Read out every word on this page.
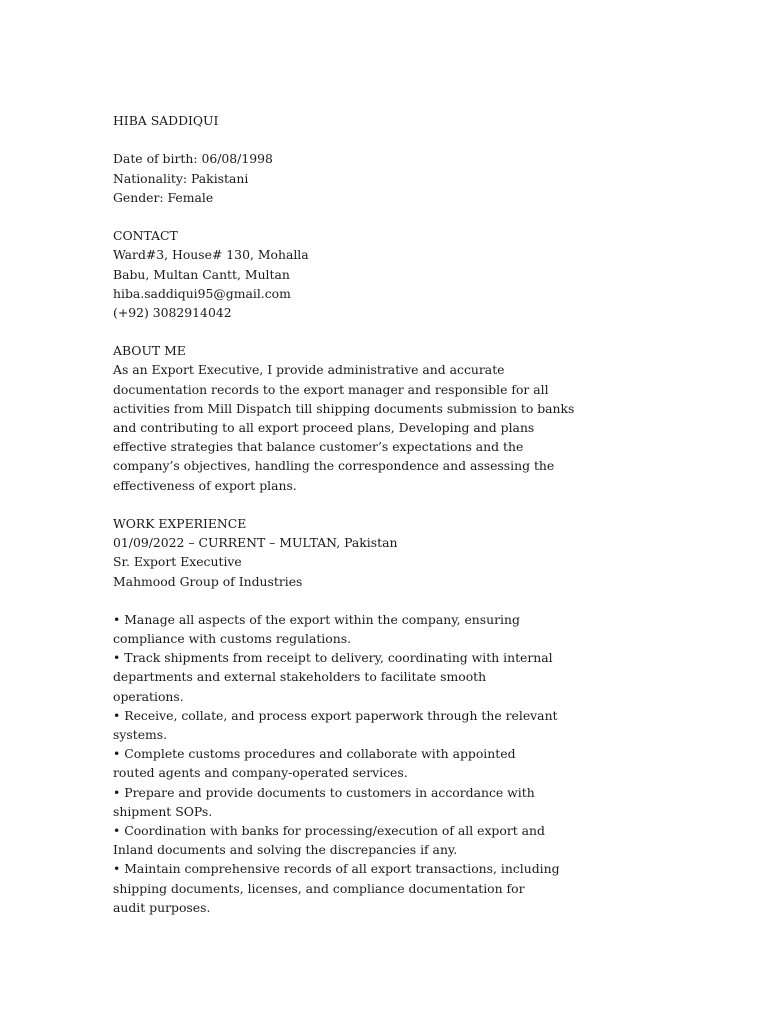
HIBA SADDIQUI
Date of birth: 06/08/1998
Nationality: Pakistani
Gender: Female
CONTACT
Ward#3, House# 130, Mohalla
Babu, Multan Cantt, Multan
hiba.saddiqui95@gmail.com
(+92) 3082914042
ABOUT ME
As an Export Executive, I provide administrative and accurate
documentation records to the export manager and responsible for all
activities from Mill Dispatch till shipping documents submission to banks
and contributing to all export proceed plans, Developing and plans
effective strategies that balance customer’s expectations and the
company’s objectives, handling the correspondence and assessing the
effectiveness of export plans.
WORK EXPERIENCE
01/09/2022 – CURRENT – MULTAN, Pakistan
Sr. Export Executive
Mahmood Group of Industries
• Manage all aspects of the export within the company, ensuring
compliance with customs regulations.
• Track shipments from receipt to delivery, coordinating with internal
departments and external stakeholders to facilitate smooth
operations.
• Receive, collate, and process export paperwork through the relevant
systems.
• Complete customs procedures and collaborate with appointed
routed agents and company-operated services.
• Prepare and provide documents to customers in accordance with
shipment SOPs.
• Coordination with banks for processing/execution of all export and
Inland documents and solving the discrepancies if any.
• Maintain comprehensive records of all export transactions, including
shipping documents, licenses, and compliance documentation for
audit purposes.
